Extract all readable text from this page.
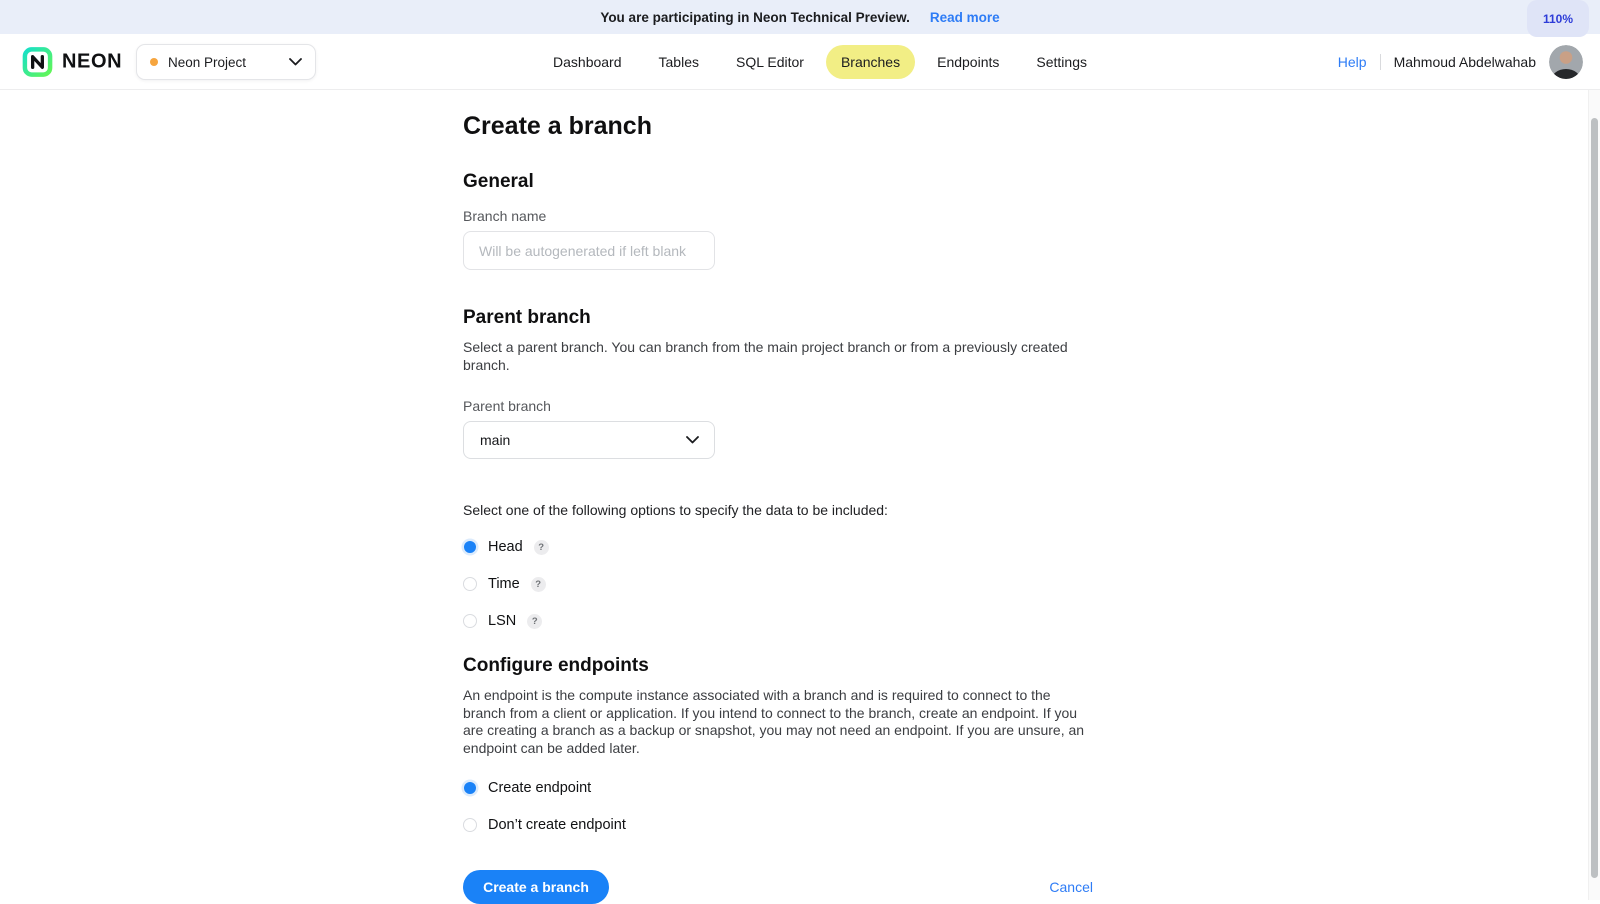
You are participating in Neon Technical Preview. Read more	110%
NEON	Neon Project	Dashboard	Tables	SQL Editor	Branches	Endpoints	Settings	Help Mahmoud Abdelwahab
Create a branch
General
Branch name
Will be autogenerated if left blank
Parent branch

Select a parent branch. You can branch from the main project branch or from a previously created branch.

Parent branch
main

Select one of the following options to specify the data to be included:

Head	?
Time	?
LSN	?
Configure endpoints

An endpoint is the compute instance associated with a branch and is required to connect to the branch from a client or application. If you intend to connect to the branch, create an endpoint. If you are creating a branch as a backup or snapshot, you may not need an endpoint. If you are unsure, an endpoint can be added later.

Create endpoint
Don’t create endpoint
Create a branch	Cancel
